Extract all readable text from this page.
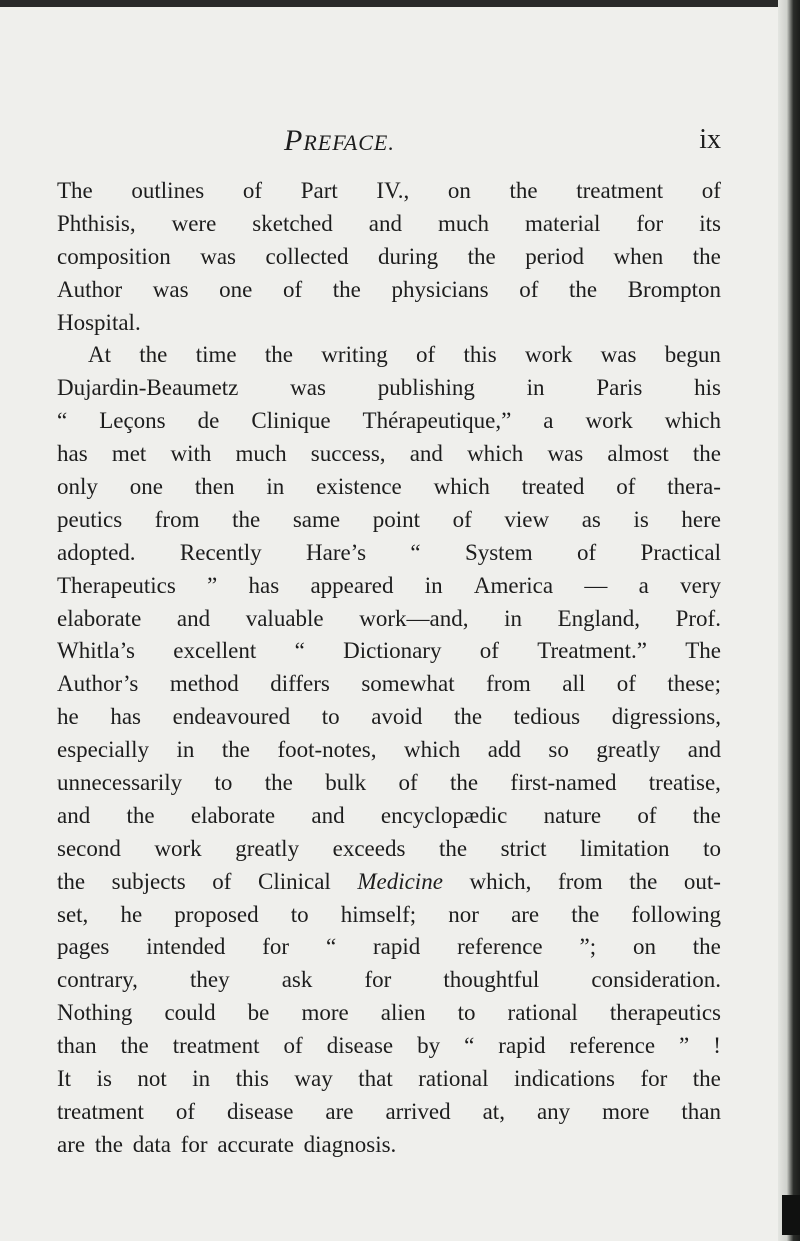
PREFACE.	ix
The outlines of Part IV., on the treatment of
Phthisis, were sketched and much material for its
composition was collected during the period when the
Author was one of the physicians of the Brompton
Hospital.
At the time the writing of this work was begun
Dujardin-Beaumetz was publishing in Paris his
“ Leçons de Clinique Thérapeutique,” a work which
has met with much success, and which was almost the
only one then in existence which treated of thera-
peutics from the same point of view as is here
adopted. Recently Hare’s “ System of Practical
Therapeutics ” has appeared in America — a very
elaborate and valuable work—and, in England, Prof.
Whitla’s excellent “ Dictionary of Treatment.” The
Author’s method differs somewhat from all of these;
he has endeavoured to avoid the tedious digressions,
especially in the foot-notes, which add so greatly and
unnecessarily to the bulk of the first-named treatise,
and the elaborate and encyclopædic nature of the
second work greatly exceeds the strict limitation to
the subjects of Clinical Medicine which, from the out-
set, he proposed to himself; nor are the following
pages intended for “ rapid reference ”; on the
contrary, they ask for thoughtful consideration.
Nothing could be more alien to rational therapeutics
than the treatment of disease by “ rapid reference ” !
It is not in this way that rational indications for the
treatment of disease are arrived at, any more than
are the data for accurate diagnosis.
